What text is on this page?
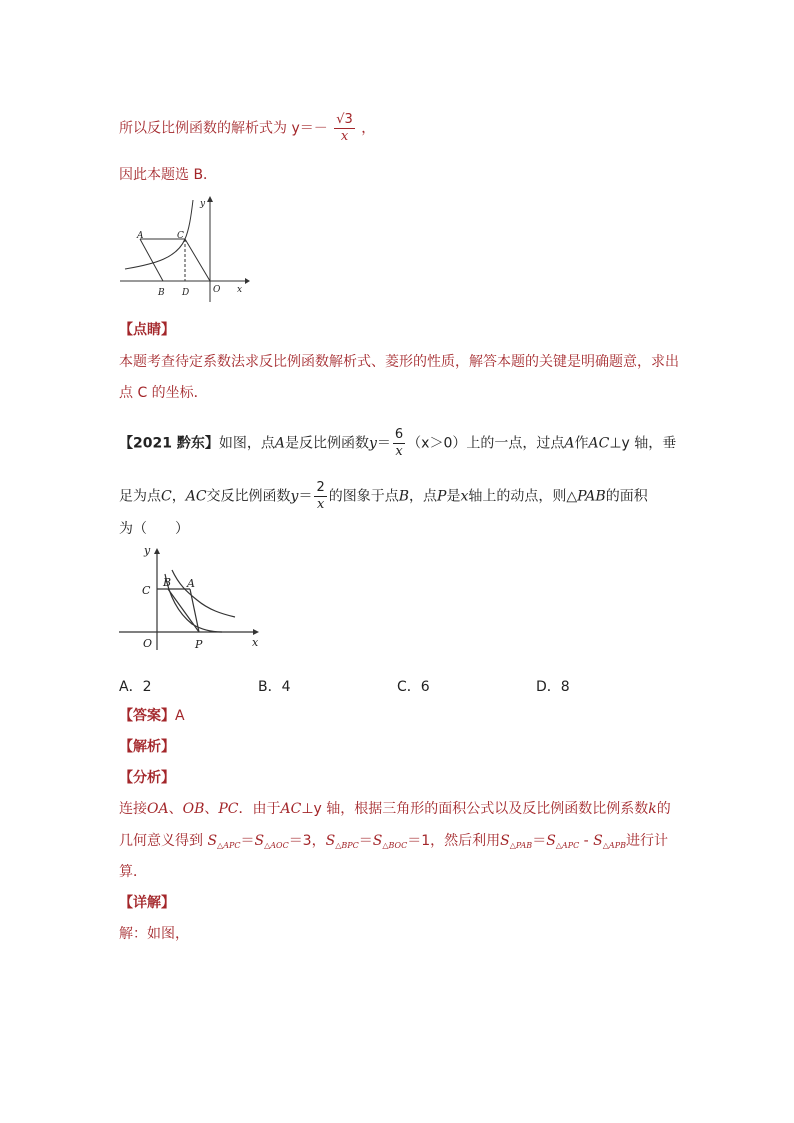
所以反比例函数的解析式为 $y=- \frac{√3}{x}$ ，
因此本题选 B．
y
A	C
B D	O x
【点睛】
本题考查待定系数法求反比例函数解析式、菱形的性质，解答本题的关键是明确题意，求出
点 C 的坐标．
【2021 黔东】如图，点A是反比例函数$y= \frac{6}{x} (x>0)$上的一点，过点A作AC⊥y 轴，垂
足为点C，AC交反比例函数$y= \frac{2}{x}$ 的图象于点B，点P是x轴上的动点，则△PAB的面积
为（　　）
y
C
B A
O	P	x
A．2	B．4	C．6	D．8
【答案】A
【解析】
【分析】
连接OA、OB、PC．由于AC⊥y 轴，根据三角形的面积公式以及反比例函数比例系数k的
几何意义得到 $S_{\triangle APC}=S_{\triangle AOC}=3$，$S_{\triangle BPC}=S_{\triangle BOC}=1$，然后利用$S_{\triangle PAB}=S_{\triangle APC} - S_{\triangle APB}$进行计
算．
【详解】
解：如图，
